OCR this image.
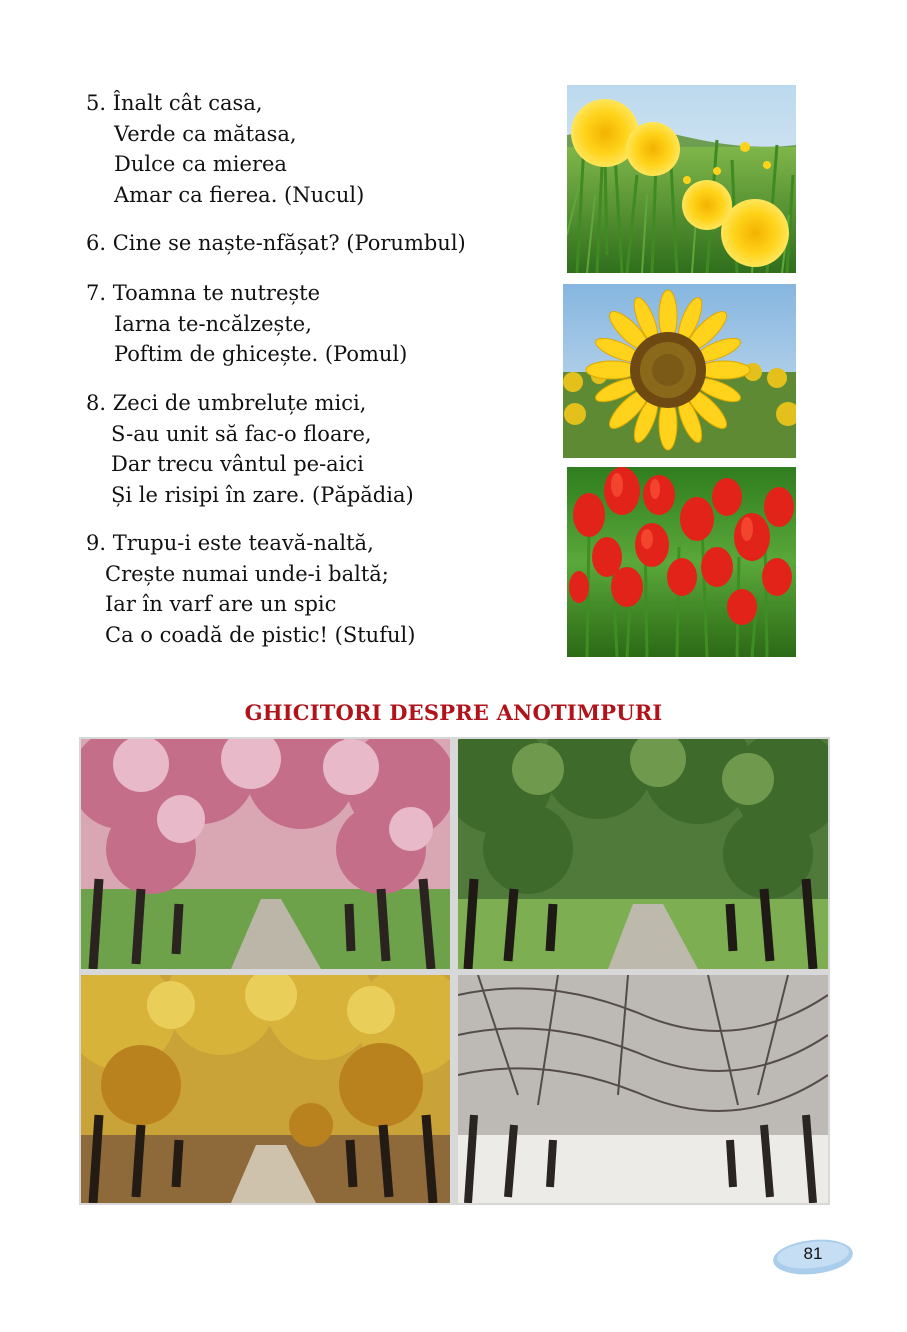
5. Înalt cât casa,
Verde ca mătasa,
Dulce ca mierea
Amar ca fierea. (Nucul)
6. Cine se naște-nfășat? (Porumbul)
7. Toamna te nutrește
Iarna te-ncălzește,
Poftim de ghicește. (Pomul)
8. Zeci de umbreluțe mici,
S-au unit să fac-o floare,
Dar trecu vântul pe-aici
Și le risipi în zare. (Păpădia)
9. Trupu-i este teavă-naltă,
Crește numai unde-i baltă;
Iar în varf are un spic
Ca o coadă de pistic! (Stuful)
GHICITORI DESPRE ANOTIMPURI
81
